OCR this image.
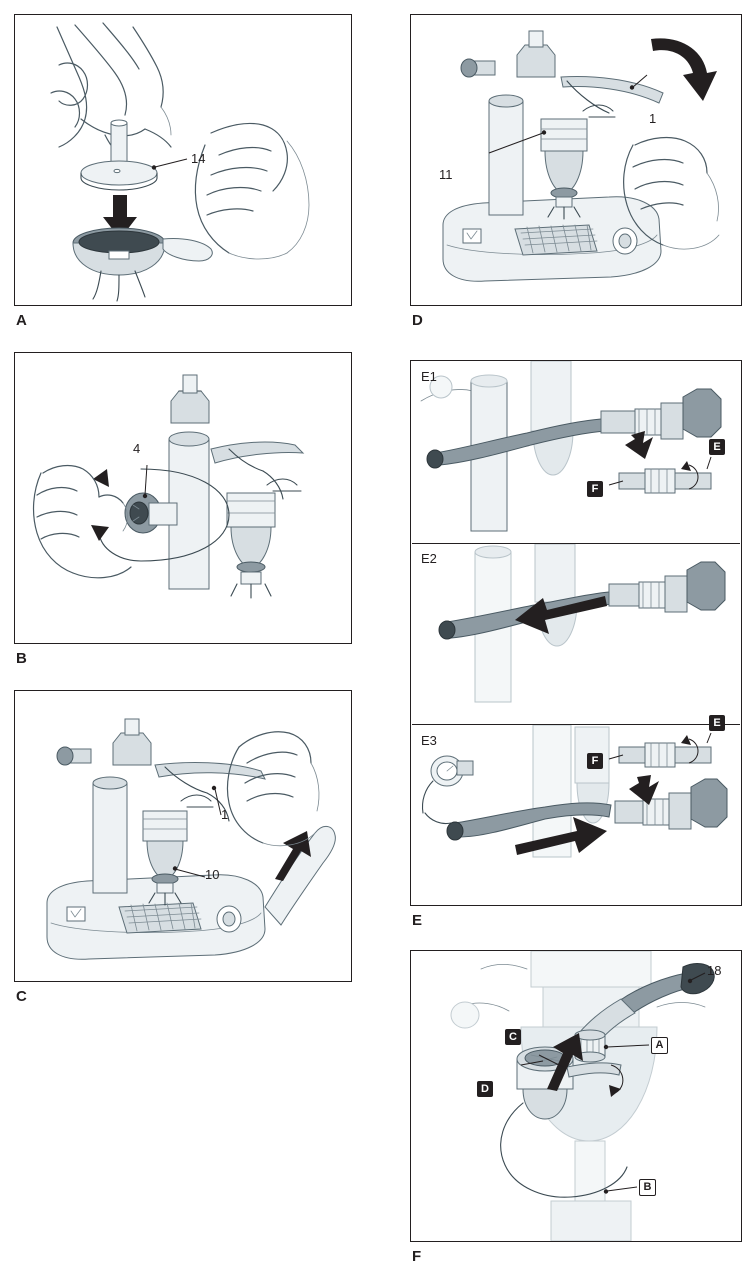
14
A
4
B
1
10
C
11
1
D
E1
E
F
E2
E3
E
F
E
18
A
B
C
D
F
